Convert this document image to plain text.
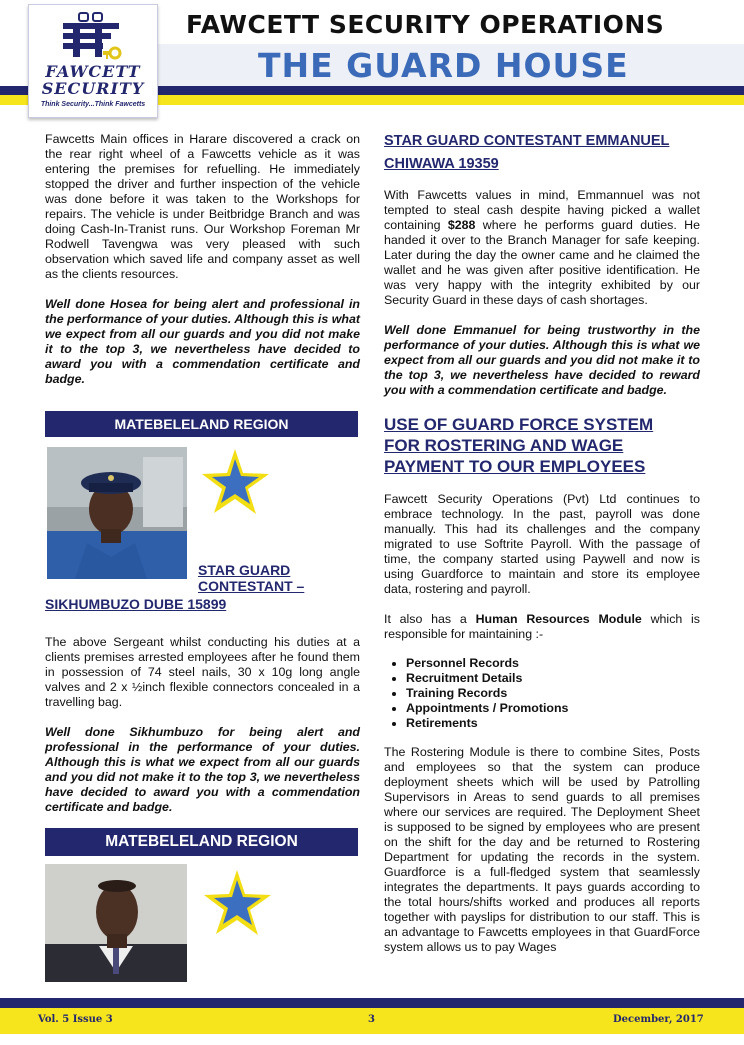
FAWCETT
SECURITY
Think Security...Think Fawcetts
FAWCETT SECURITY OPERATIONS
THE GUARD HOUSE

Fawcetts Main offices in Harare discovered a crack on the rear right wheel of a Fawcetts vehicle as it was entering the premises for refuelling. He immediately stopped the driver and further inspection of the vehicle was done before it was taken to the Workshops for repairs. The vehicle is under Beitbridge Branch and was doing Cash-In-Tranist runs. Our Workshop Foreman Mr Rodwell Tavengwa was very pleased with such observation which saved life and company asset as well as the clients resources.

Well done Hosea for being alert and professional in the performance of your duties. Although this is what we expect from all our guards and you did not make it to the top 3, we nevertheless have decided to award you with a commendation certificate and badge.

MATEBELELAND REGION
STAR GUARD
CONTESTANT –
SIKHUMBUZO DUBE 15899

The above Sergeant whilst conducting his duties at a clients premises arrested employees after he found them in possession of 74 steel nails, 30 x 10g long angle valves and 2 x ½inch flexible connectors concealed in a travelling bag.

Well done Sikhumbuzo for being alert and professional in the performance of your duties. Although this is what we expect from all our guards and you did not make it to the top 3, we nevertheless have decided to award you with a commendation certificate and badge.

MATEBELELAND REGION
STAR GUARD CONTESTANT EMMANUEL
CHIWAWA 19359

With Fawcetts values in mind, Emmannuel was not tempted to steal cash despite having picked a wallet containing $288 where he performs guard duties. He handed it over to the Branch Manager for safe keeping. Later during the day the owner came and he claimed the wallet and he was given after positive identification. He was very happy with the integrity exhibited by our Security Guard in these days of cash shortages.

Well done Emmanuel for being trustworthy in the performance of your duties. Although this is what we expect from all our guards and you did not make it to the top 3, we nevertheless have decided to reward you with a commendation certificate and badge.

USE OF GUARD FORCE SYSTEM
FOR ROSTERING AND WAGE
PAYMENT TO OUR EMPLOYEES

Fawcett Security Operations (Pvt) Ltd continues to embrace technology. In the past, payroll was done manually. This had its challenges and the company migrated to use Softrite Payroll. With the passage of time, the company started using Paywell and now is using Guardforce to maintain and store its employee data, rostering and payroll.

It also has a Human Resources Module which is responsible for maintaining :-

• Personnel Records
• Recruitment Details
• Training Records
• Appointments / Promotions
• Retirements

The Rostering Module is there to combine Sites, Posts and employees so that the system can produce deployment sheets which will be used by Patrolling Supervisors in Areas to send guards to all premises where our services are required. The Deployment Sheet is supposed to be signed by employees who are present on the shift for the day and be returned to Rostering Department for updating the records in the system. Guardforce is a full-fledged system that seamlessly integrates the departments. It pays guards according to the total hours/shifts worked and produces all reports together with payslips for distribution to our staff. This is an advantage to Fawcetts employees in that GuardForce system allows us to pay Wages

Vol. 5 Issue 3	3	December, 2017
